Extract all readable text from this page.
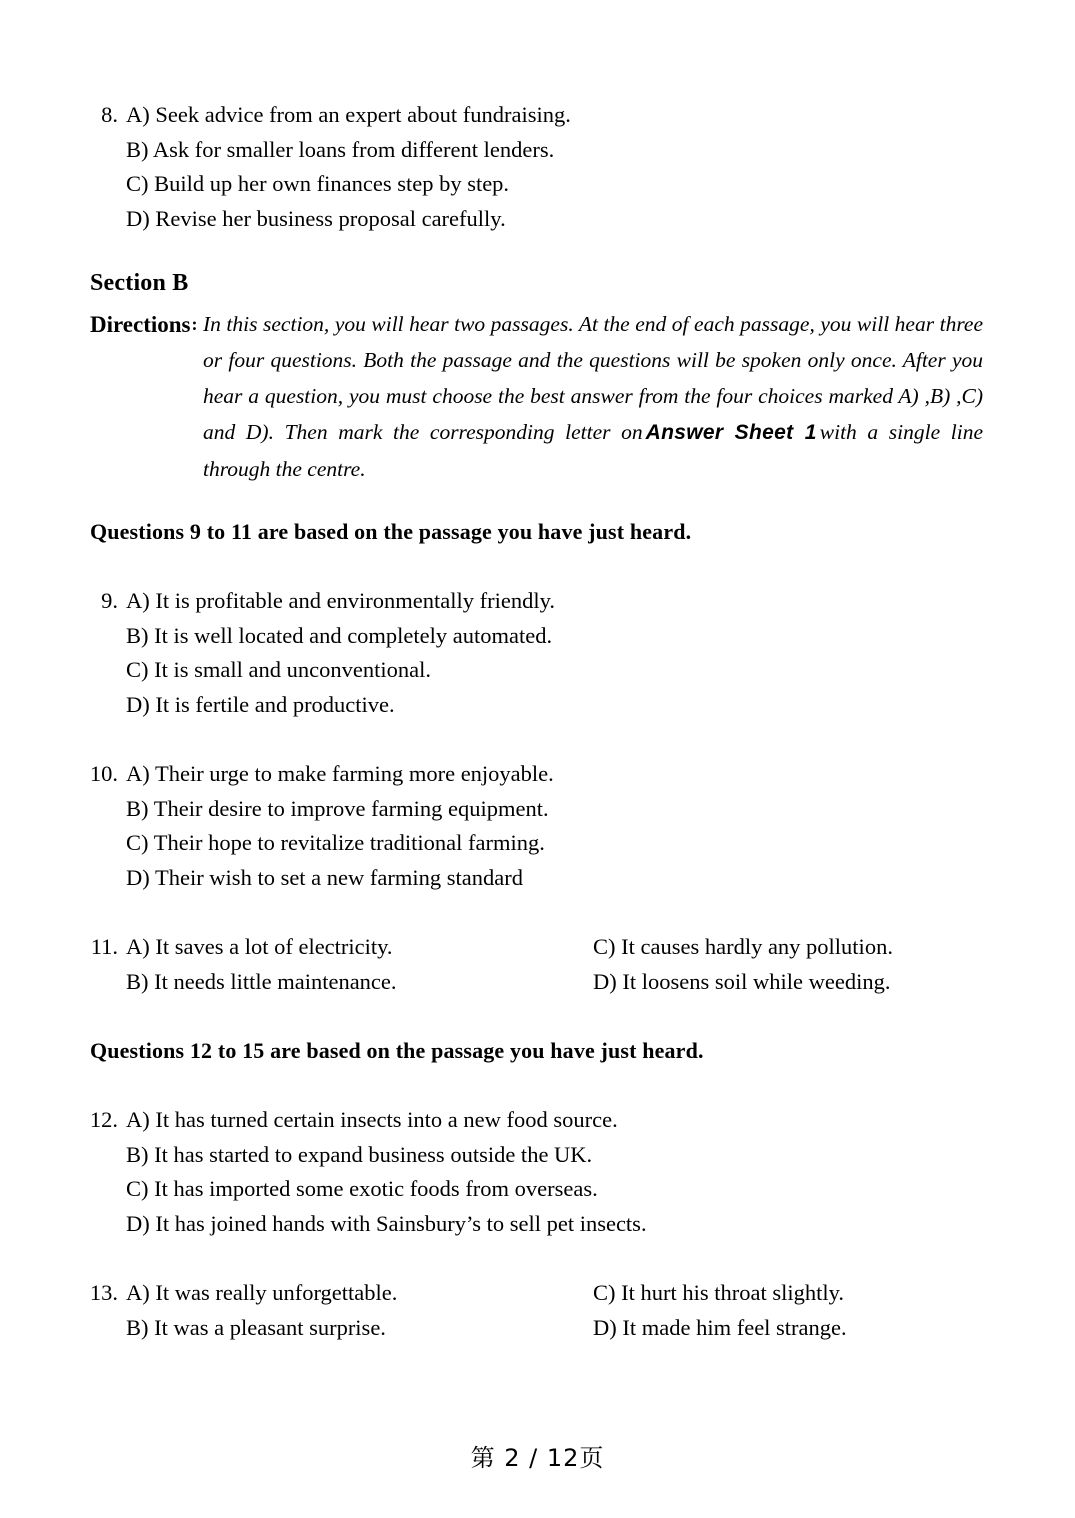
8. A) Seek advice from an expert about fundraising.
B) Ask for smaller loans from different lenders.
C) Build up her own finances step by step.
D) Revise her business proposal carefully.
Section B
Directions: In this section, you will hear two passages. At the end of each passage, you will hear three or four questions. Both the passage and the questions will be spoken only once. After you hear a question, you must choose the best answer from the four choices marked A) ,B) ,C) and D). Then mark the corresponding letter on Answer Sheet 1 with a single line through the centre.

Questions 9 to 11 are based on the passage you have just heard.
9. A) It is profitable and environmentally friendly.
B) It is well located and completely automated.
C) It is small and unconventional.
D) It is fertile and productive.
10. A) Their urge to make farming more enjoyable.
B) Their desire to improve farming equipment.
C) Their hope to revitalize traditional farming.
D) Their wish to set a new farming standard
11. A) It saves a lot of electricity.	C) It causes hardly any pollution.
B) It needs little maintenance.	D) It loosens soil while weeding.
Questions 12 to 15 are based on the passage you have just heard.
12. A) It has turned certain insects into a new food source.
B) It has started to expand business outside the UK.
C) It has imported some exotic foods from overseas.
D) It has joined hands with Sainsbury’s to sell pet insects.
13. A) It was really unforgettable.	C) It hurt his throat slightly.
B) It was a pleasant surprise.	D) It made him feel strange.
第 2 / 12页
